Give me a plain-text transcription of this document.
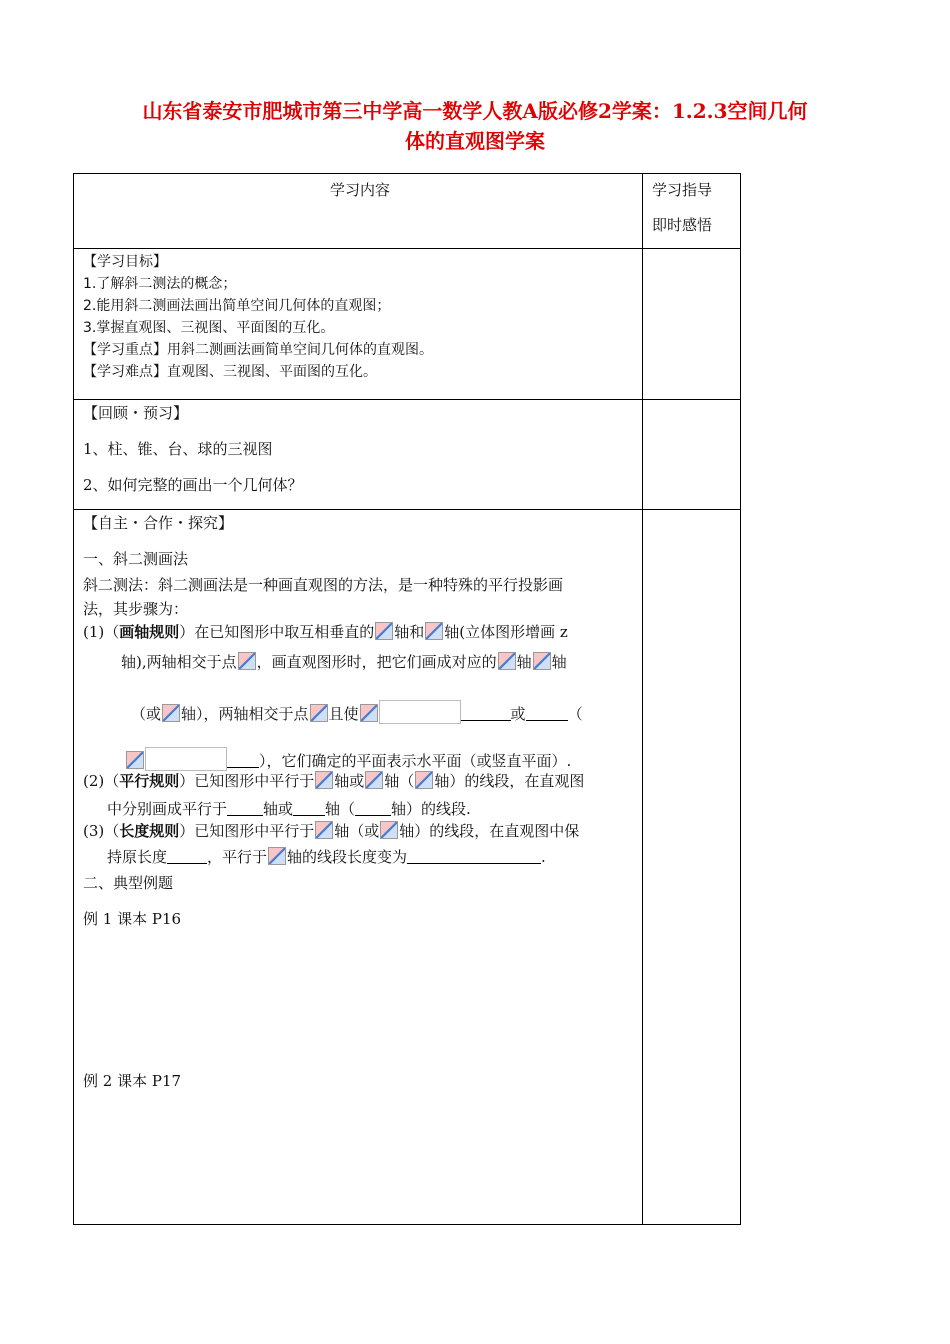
山东省泰安市肥城市第三中学高一数学人教A版必修2学案：1.2.3空间几何
体的直观图学案
学习内容	学习指导
即时感悟
【学习目标】
1.了解斜二测法的概念；
2.能用斜二测画法画出简单空间几何体的直观图；
3.掌握直观图、三视图、平面图的互化。
【学习重点】用斜二测画法画简单空间几何体的直观图。
【学习难点】直观图、三视图、平面图的互化。
【回顾・预习】
1、柱、锥、台、球的三视图
2、如何完整的画出一个几何体？
【自主・合作・探究】
一、斜二测画法
斜二测法：斜二测画法是一种画直观图的方法，是一种特殊的平行投影画
法，其步骤为：
(1)（画轴规则）在已知图形中取互相垂直的 轴和 轴(立体图形增画 z
轴),两轴相交于点 ，画直观图形时，把它们画成对应的 轴 轴
（或 轴），两轴相交于点 且使	或	（
），它们确定的平面表示水平面（或竖直平面）.
(2)（平行规则）已知图形中平行于 轴或 轴（ 轴）的线段，在直观图
中分别画成平行于 轴或 轴（ 轴）的线段.
(3)（长度规则）已知图形中平行于 轴（或 轴）的线段，在直观图中保
持原长度	，平行于 轴的线段长度变为	.
二、典型例题
例 1 课本 P16
例 2 课本 P17
